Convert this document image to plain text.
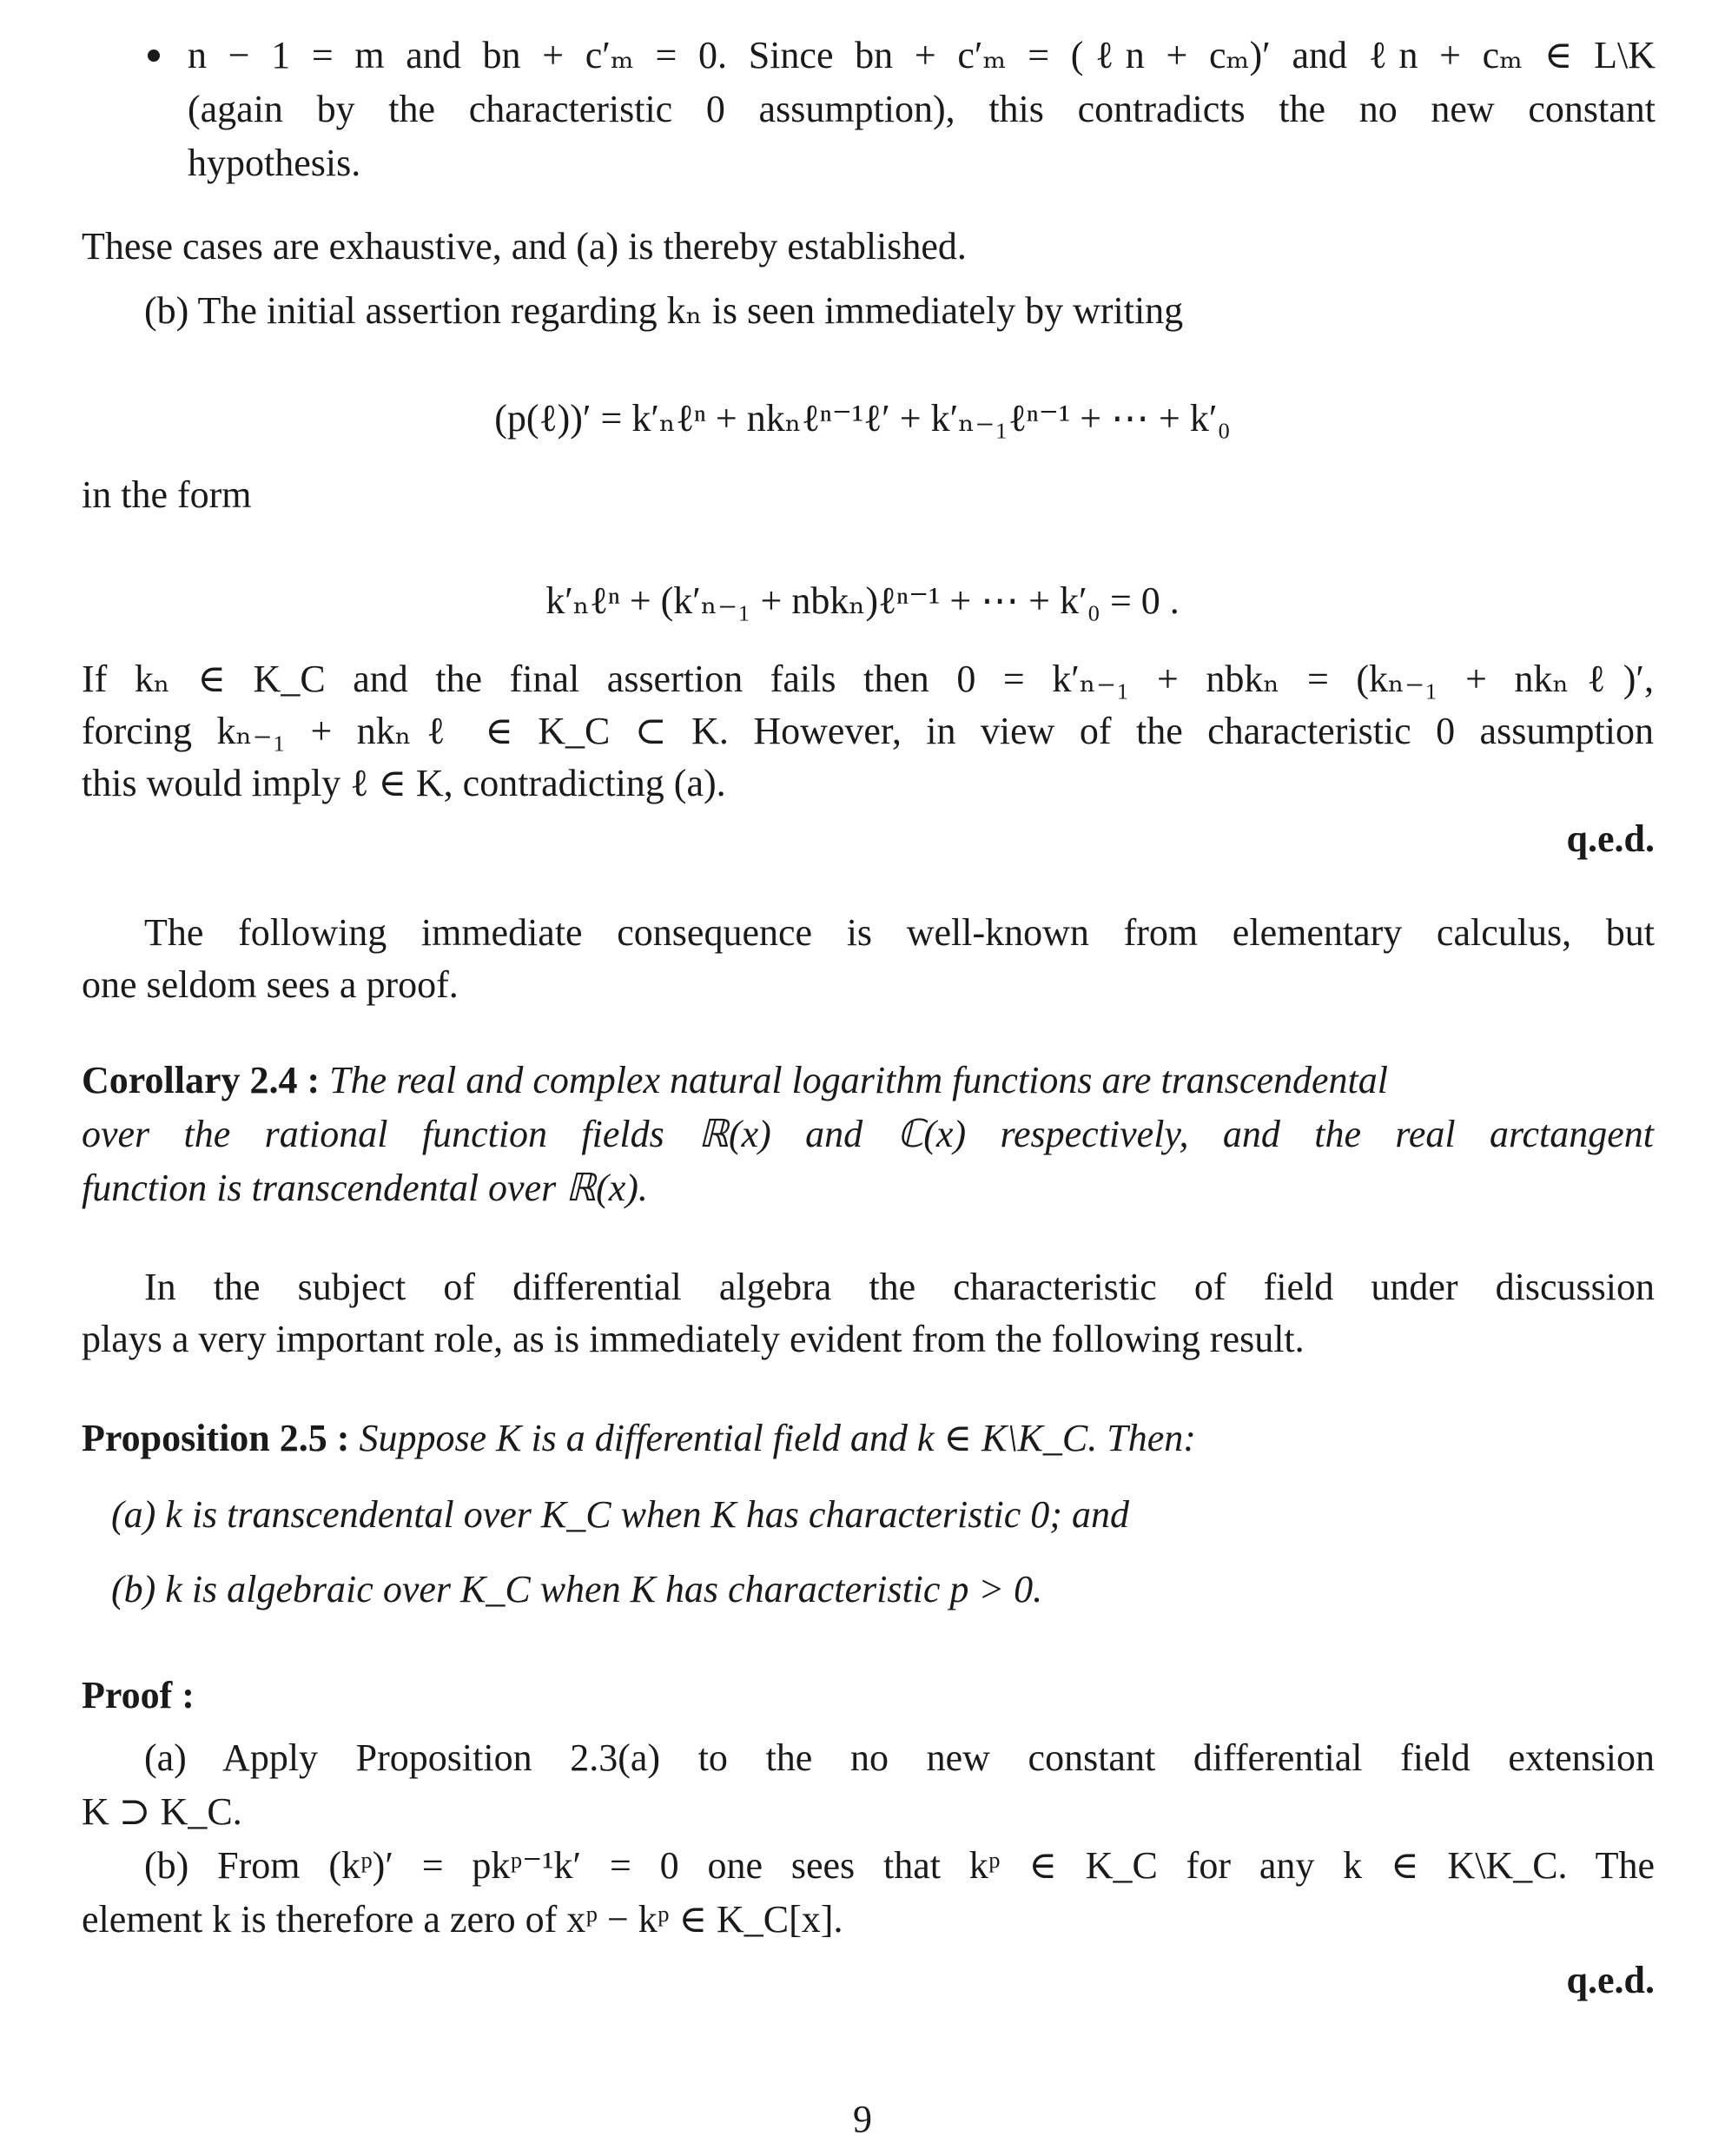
n − 1 = m and bn + c′ₘ = 0. Since bn + c′ₘ = (ℓn + cₘ)′ and ℓn + cₘ ∈ L\K
(again by the characteristic 0 assumption), this contradicts the no new constant
hypothesis.
These cases are exhaustive, and (a) is thereby established.
(b) The initial assertion regarding kₙ is seen immediately by writing
(p(ℓ))′ = k′ₙℓⁿ + nkₙℓⁿ⁻¹ℓ′ + k′ₙ₋₁ℓⁿ⁻¹ + ⋯ + k′₀
in the form
k′ₙℓⁿ + (k′ₙ₋₁ + nbkₙ)ℓⁿ⁻¹ + ⋯ + k′₀ = 0 .
If kₙ ∈ K_C and the final assertion fails then 0 = k′ₙ₋₁ + nbkₙ = (kₙ₋₁ + nkₙℓ)′,
forcing kₙ₋₁ + nkₙℓ ∈ K_C ⊂ K. However, in view of the characteristic 0 assumption
this would imply ℓ ∈ K, contradicting (a).
q.e.d.
The following immediate consequence is well-known from elementary calculus, but
one seldom sees a proof.
Corollary 2.4 : The real and complex natural logarithm functions are transcendental
over the rational function fields ℝ(x) and ℂ(x) respectively, and the real arctangent
function is transcendental over ℝ(x).
In the subject of differential algebra the characteristic of field under discussion
plays a very important role, as is immediately evident from the following result.
Proposition 2.5 : Suppose K is a differential field and k ∈ K\K_C. Then:
(a) k is transcendental over K_C when K has characteristic 0; and
(b) k is algebraic over K_C when K has characteristic p > 0.
Proof :
(a) Apply Proposition 2.3(a) to the no new constant differential field extension
K ⊃ K_C.
(b) From (kᵖ)′ = pkᵖ⁻¹k′ = 0 one sees that kᵖ ∈ K_C for any k ∈ K\K_C. The
element k is therefore a zero of xᵖ − kᵖ ∈ K_C[x].
q.e.d.
9
